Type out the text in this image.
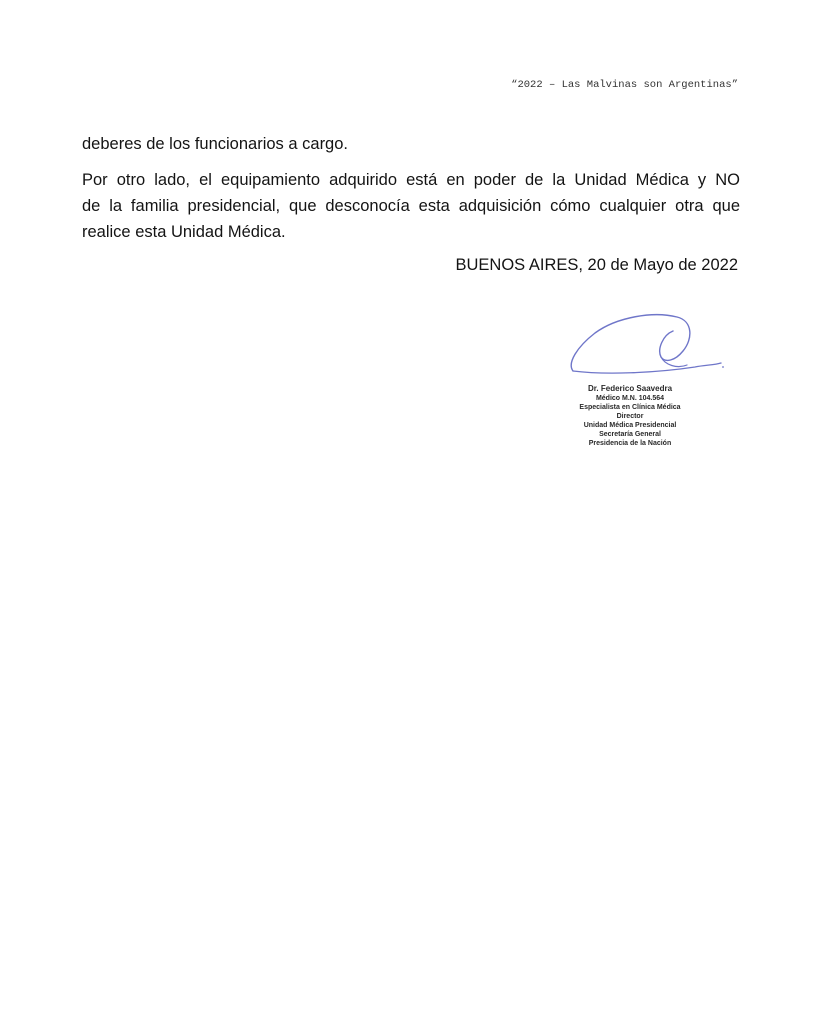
“2022 – Las Malvinas son Argentinas”
deberes de los funcionarios a cargo.
Por otro lado, el equipamiento adquirido está en poder de la Unidad Médica y NO
de la familia presidencial, que desconocía esta adquisición cómo cualquier otra que
realice esta Unidad Médica.
BUENOS AIRES, 20 de Mayo de 2022
Dr. Federico Saavedra
Médico M.N. 104.564
Especialista en Clínica Médica
Director
Unidad Médica Presidencial
Secretaría General
Presidencia de la Nación
